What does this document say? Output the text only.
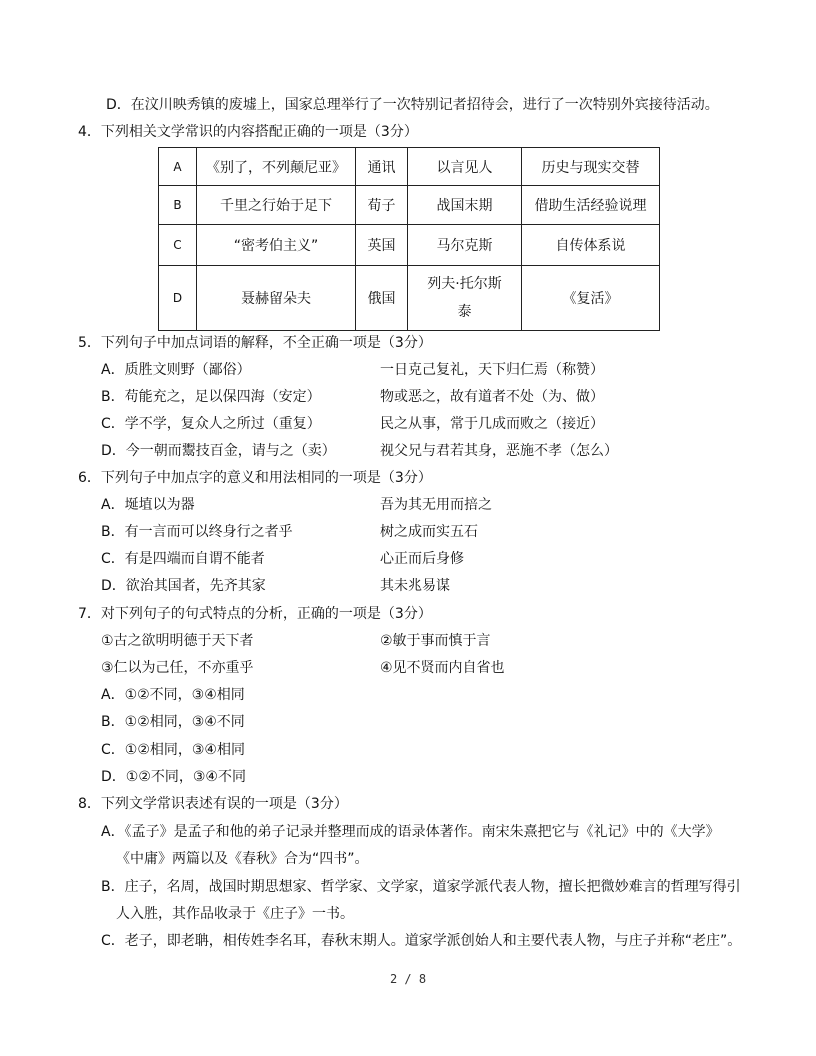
D．在汶川映秀镇的废墟上，国家总理举行了一次特别记者招待会，进行了一次特别外宾接待活动。
4．下列相关文学常识的内容搭配正确的一项是（3分）
A	《别了，不列颠尼亚》	通讯	以言见人	历史与现实交替
B	千里之行始于足下	荀子	战国末期	借助生活经验说理
C	“密考伯主义”	英国	马尔克斯	自传体系说
D	聂赫留朵夫	俄国	列夫·托尔斯泰	《复活》
5．下列句子中加点词语的解释，不全正确一项是（3分）
A．质胜文则野（鄙俗）	一日克己复礼，天下归仁焉（称赞）
B．苟能充之，足以保四海（安定）	物或恶之，故有道者不处（为、做）
C．学不学，复众人之所过（重复）	民之从事，常于几成而败之（接近）
D．今一朝而鬻技百金，请与之（卖）	视父兄与君若其身，恶施不孝（怎么）
6．下列句子中加点字的意义和用法相同的一项是（3分）
A．埏埴以为器	吾为其无用而掊之
B．有一言而可以终身行之者乎	树之成而实五石
C．有是四端而自谓不能者	心正而后身修
D．欲治其国者，先齐其家	其未兆易谋
7．对下列句子的句式特点的分析，正确的一项是（3分）
①古之欲明明德于天下者	②敏于事而慎于言
③仁以为己任，不亦重乎	④见不贤而内自省也
A．①②不同，③④相同
B．①②相同，③④不同
C．①②相同，③④相同
D．①②不同，③④不同
8．下列文学常识表述有误的一项是（3分）
A．《孟子》是孟子和他的弟子记录并整理而成的语录体著作。南宋朱熹把它与《礼记》中的《大学》
《中庸》两篇以及《春秋》合为“四书”。
B．庄子，名周，战国时期思想家、哲学家、文学家，道家学派代表人物，擅长把微妙难言的哲理写得引
人入胜，其作品收录于《庄子》一书。
C．老子，即老聃，相传姓李名耳，春秋末期人。道家学派创始人和主要代表人物，与庄子并称“老庄”。
2 / 8
